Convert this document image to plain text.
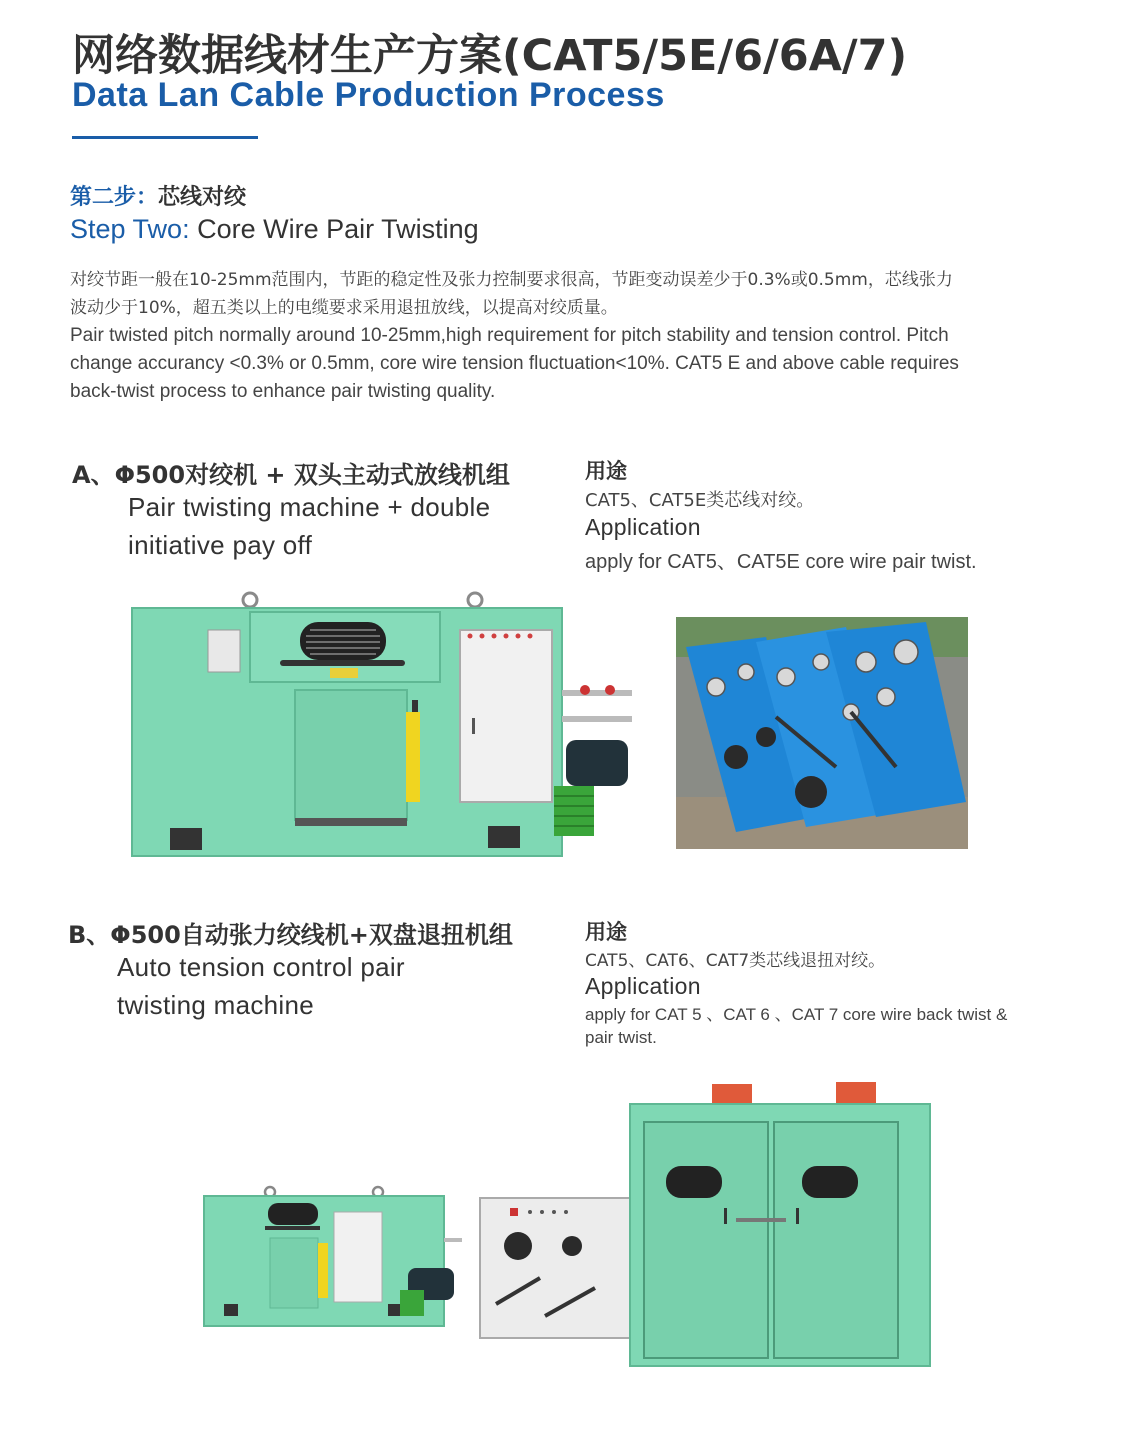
网络数据线材生产方案(CAT5/5E/6/6A/7)
Data Lan Cable Production Process
第二步：芯线对绞
Step Two: Core Wire Pair Twisting
对绞节距一般在10-25mm范围内，节距的稳定性及张力控制要求很高，节距变动误差少于0.3%或0.5mm，芯线张力
波动少于10%，超五类以上的电缆要求采用退扭放线，以提高对绞质量。
Pair twisted pitch normally around 10-25mm,high requirement for pitch stability and tension control. Pitch
change accurancy <0.3% or 0.5mm, core wire tension fluctuation<10%. CAT5 E and above cable requires
back-twist process to enhance pair twisting quality.
A、Φ500对绞机 + 双头主动式放线机组
Pair twisting machine + double
initiative pay off
用途
CAT5、CAT5E类芯线对绞。
Application
apply for CAT5、CAT5E core wire pair twist.
B、Φ500自动张力绞线机+双盘退扭机组
Auto tension control pair
twisting machine
用途
CAT5、CAT6、CAT7类芯线退扭对绞。
Application
apply for CAT 5 、CAT 6 、CAT 7 core wire back twist &
pair twist.
